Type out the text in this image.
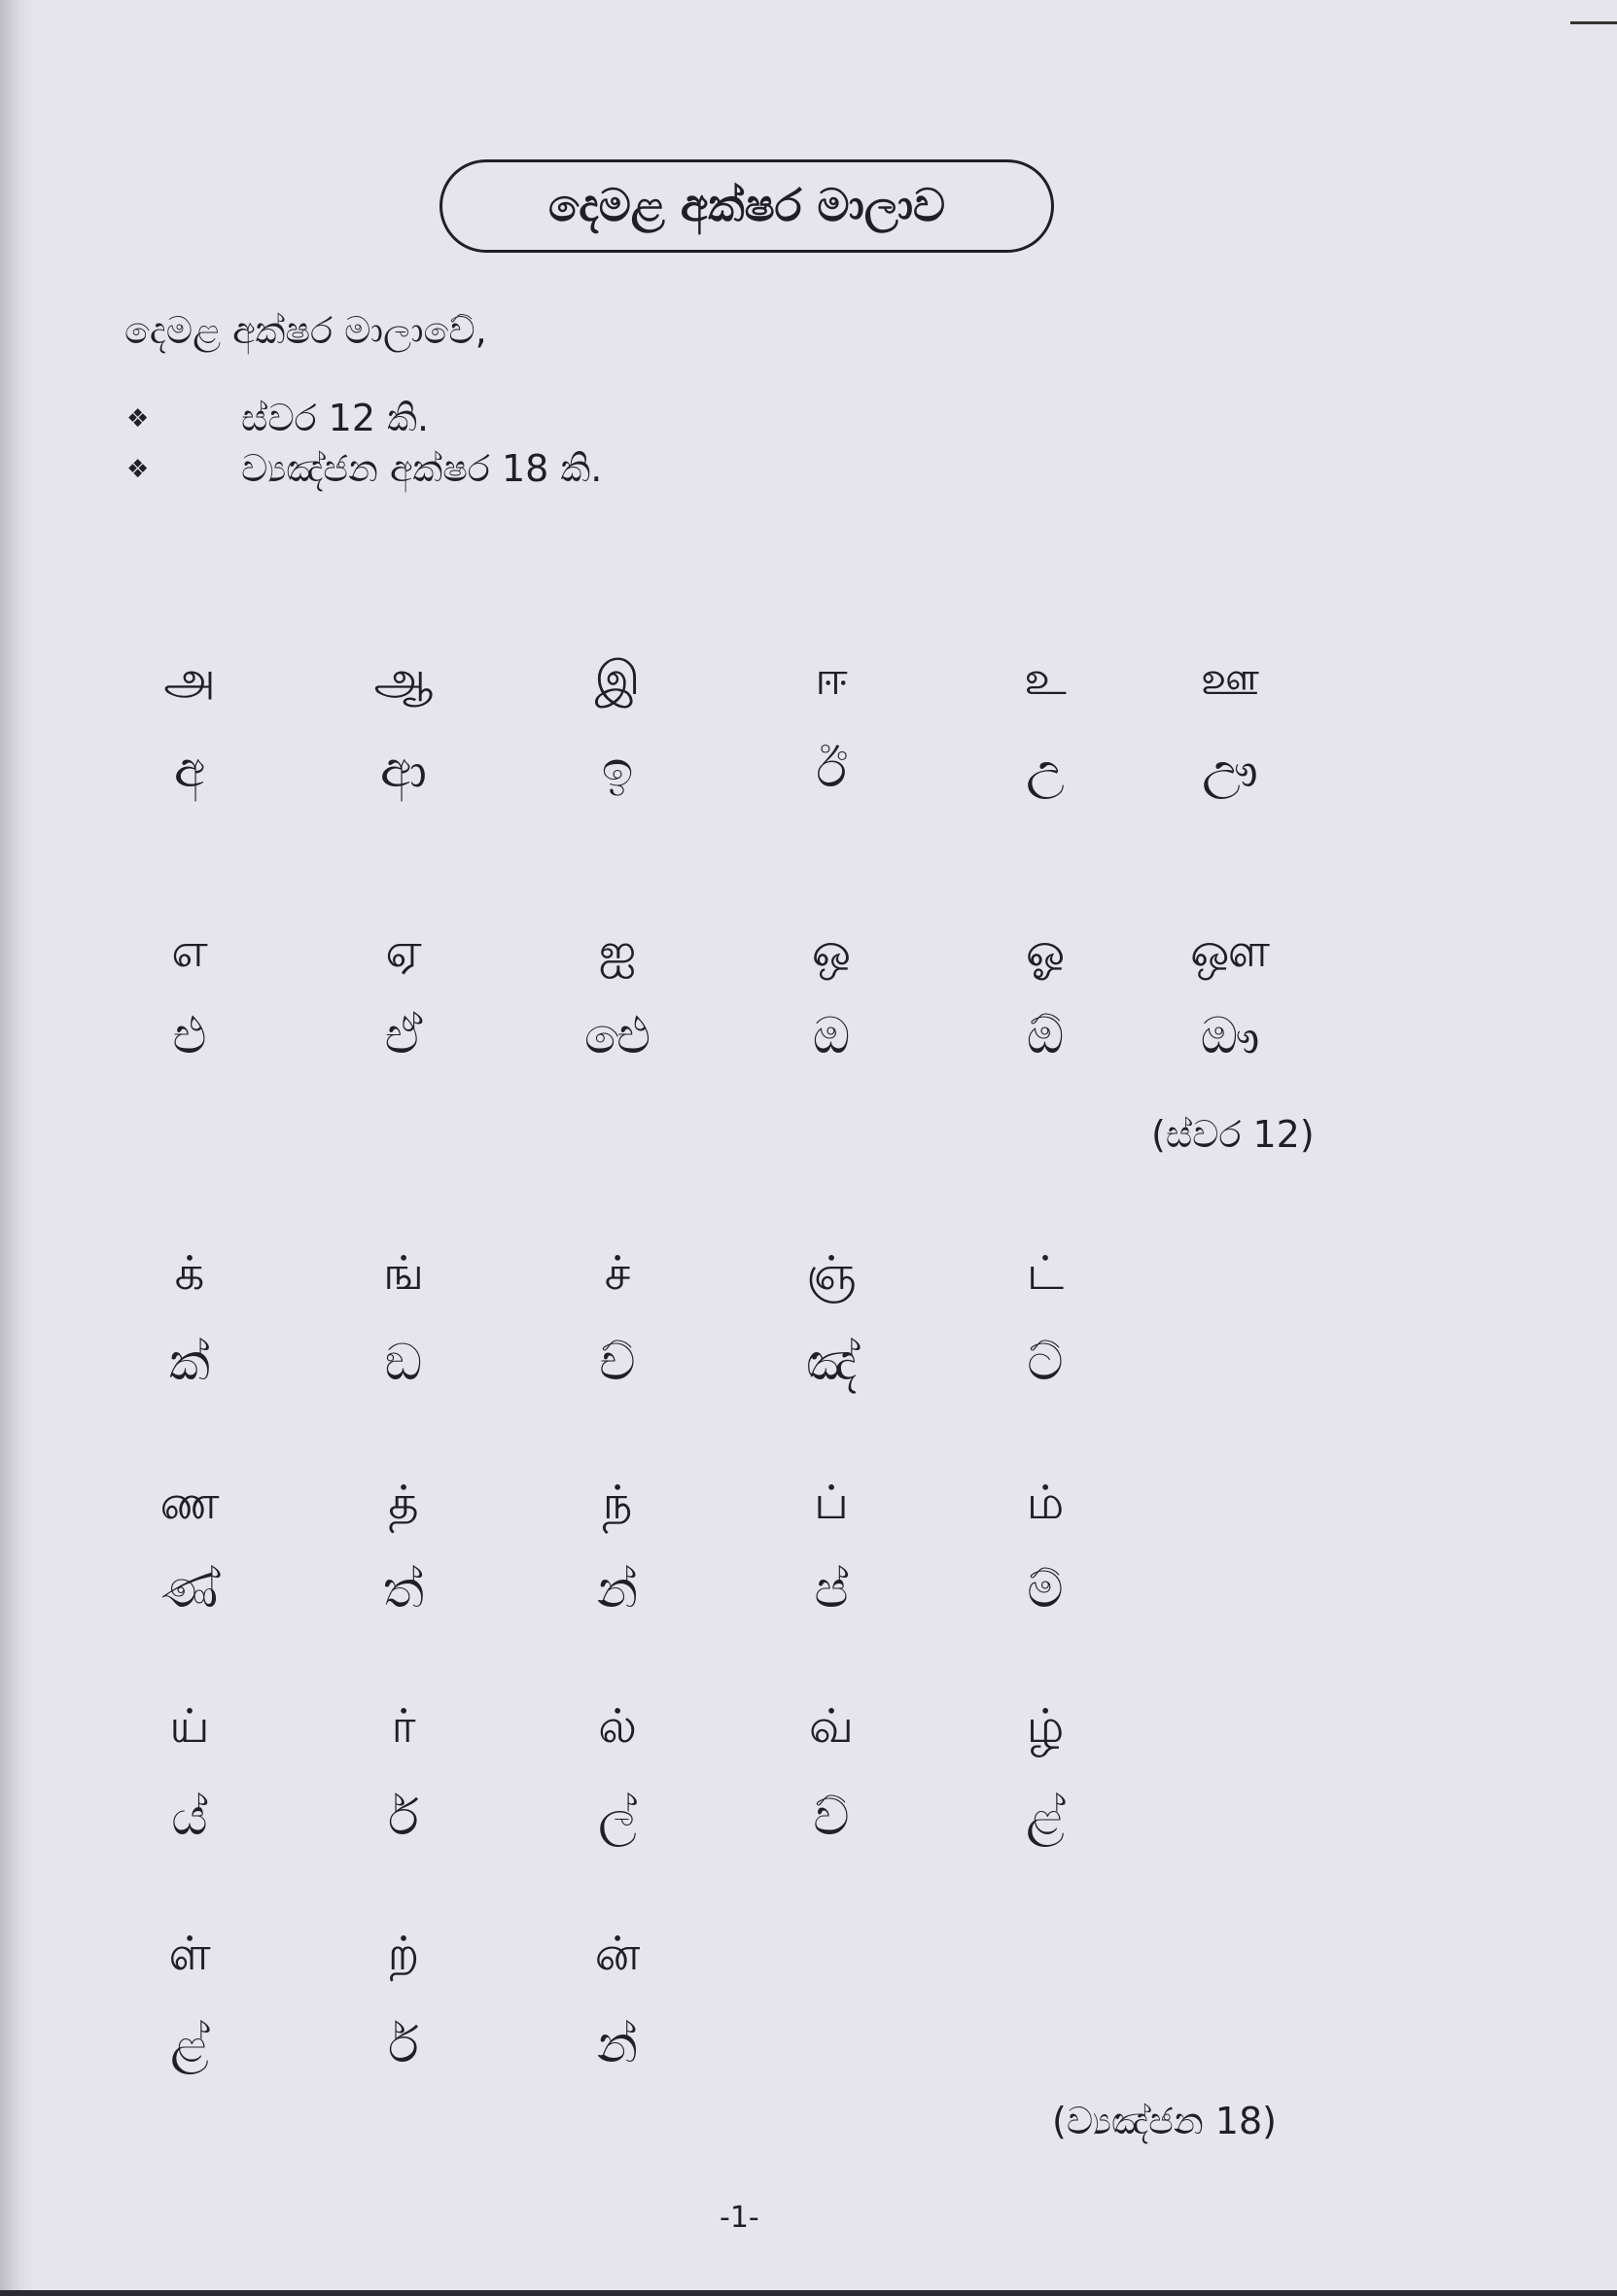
දෙමළ අක්ෂර මාලාව
දෙමළ අක්ෂර මාලාවේ,
❖	ස්වර 12 කි.
❖	ව්‍යඤ්ජන අක්ෂර 18 කි.
அ	ஆ	இ	ஈ	உ	ஊ
අ	ආ	ඉ	ඊ	උ	ඌ
எ	ஏ	ஐ	ஒ	ஓ	ஔ
එ	ඒ	ඓ	ඔ	ඕ	ඖ
(ස්වර 12)
க்	ங்	ச்	ஞ்	ட்
ක්	ඞ	ච්	ඤ්	ට්
ண	த்	ந்	ப்	ம்
ණ්	ත්	න්	ප්	ම්
ய்	ர்	ல்	வ்	ழ்
ය්	ර්	ල්	ව්	ළ්
ள்	ற்	ன்
ළ්	ර්	න්
(ව්‍යඤ්ජන 18)
-1-
